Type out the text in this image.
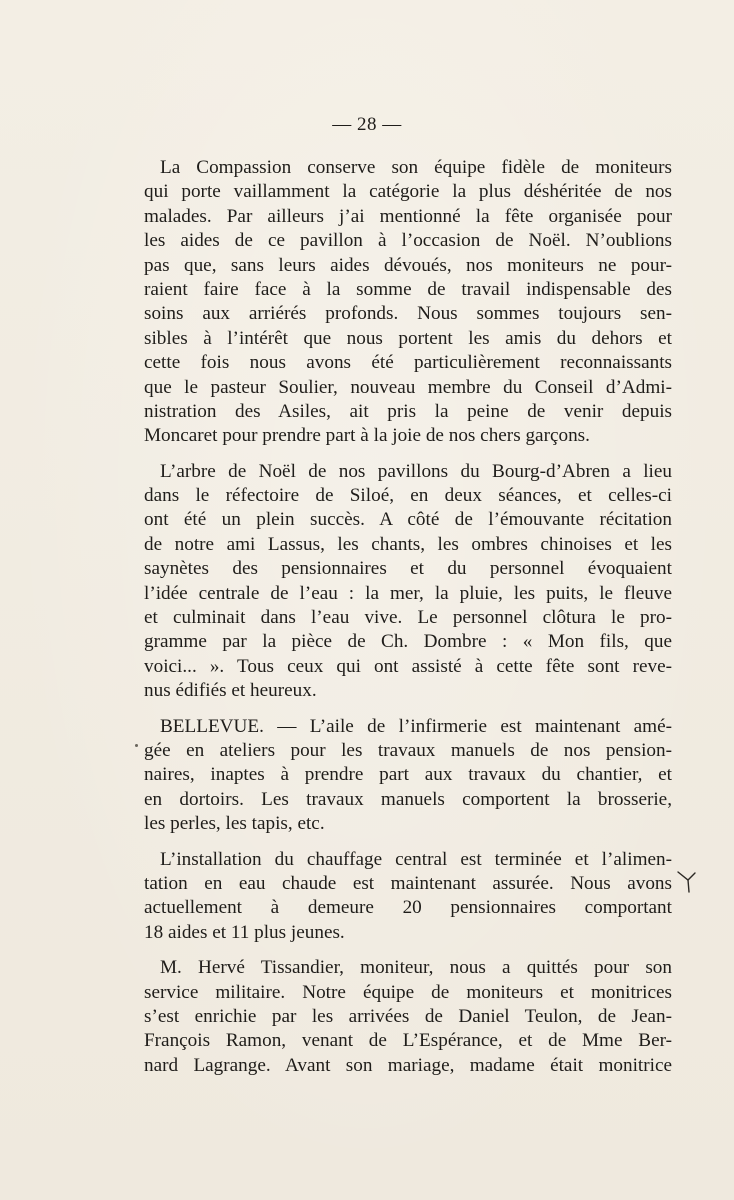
— 28 —
La Compassion conserve son équipe fidèle de moniteurs
qui porte vaillamment la catégorie la plus déshéritée de nos
malades. Par ailleurs j’ai mentionné la fête organisée pour
les aides de ce pavillon à l’occasion de Noël. N’oublions
pas que, sans leurs aides dévoués, nos moniteurs ne pour-
raient faire face à la somme de travail indispensable des
soins aux arriérés profonds. Nous sommes toujours sen-
sibles à l’intérêt que nous portent les amis du dehors et
cette fois nous avons été particulièrement reconnaissants
que le pasteur Soulier, nouveau membre du Conseil d’Admi-
nistration des Asiles, ait pris la peine de venir depuis
Moncaret pour prendre part à la joie de nos chers garçons.
L’arbre de Noël de nos pavillons du Bourg-d’Abren a lieu
dans le réfectoire de Siloé, en deux séances, et celles-ci
ont été un plein succès. A côté de l’émouvante récitation
de notre ami Lassus, les chants, les ombres chinoises et les
saynètes des pensionnaires et du personnel évoquaient
l’idée centrale de l’eau : la mer, la pluie, les puits, le fleuve
et culminait dans l’eau vive. Le personnel clôtura le pro-
gramme par la pièce de Ch. Dombre : « Mon fils, que
voici... ». Tous ceux qui ont assisté à cette fête sont reve-
nus édifiés et heureux.
BELLEVUE. — L’aile de l’infirmerie est maintenant amé-
gée en ateliers pour les travaux manuels de nos pension-
naires, inaptes à prendre part aux travaux du chantier, et
en dortoirs. Les travaux manuels comportent la brosserie,
les perles, les tapis, etc.
L’installation du chauffage central est terminée et l’alimen-
tation en eau chaude est maintenant assurée. Nous avons
actuellement à demeure 20 pensionnaires comportant
18 aides et 11 plus jeunes.
M. Hervé Tissandier, moniteur, nous a quittés pour son
service militaire. Notre équipe de moniteurs et monitrices
s’est enrichie par les arrivées de Daniel Teulon, de Jean-
François Ramon, venant de L’Espérance, et de Mme Ber-
nard Lagrange. Avant son mariage, madame était monitrice
